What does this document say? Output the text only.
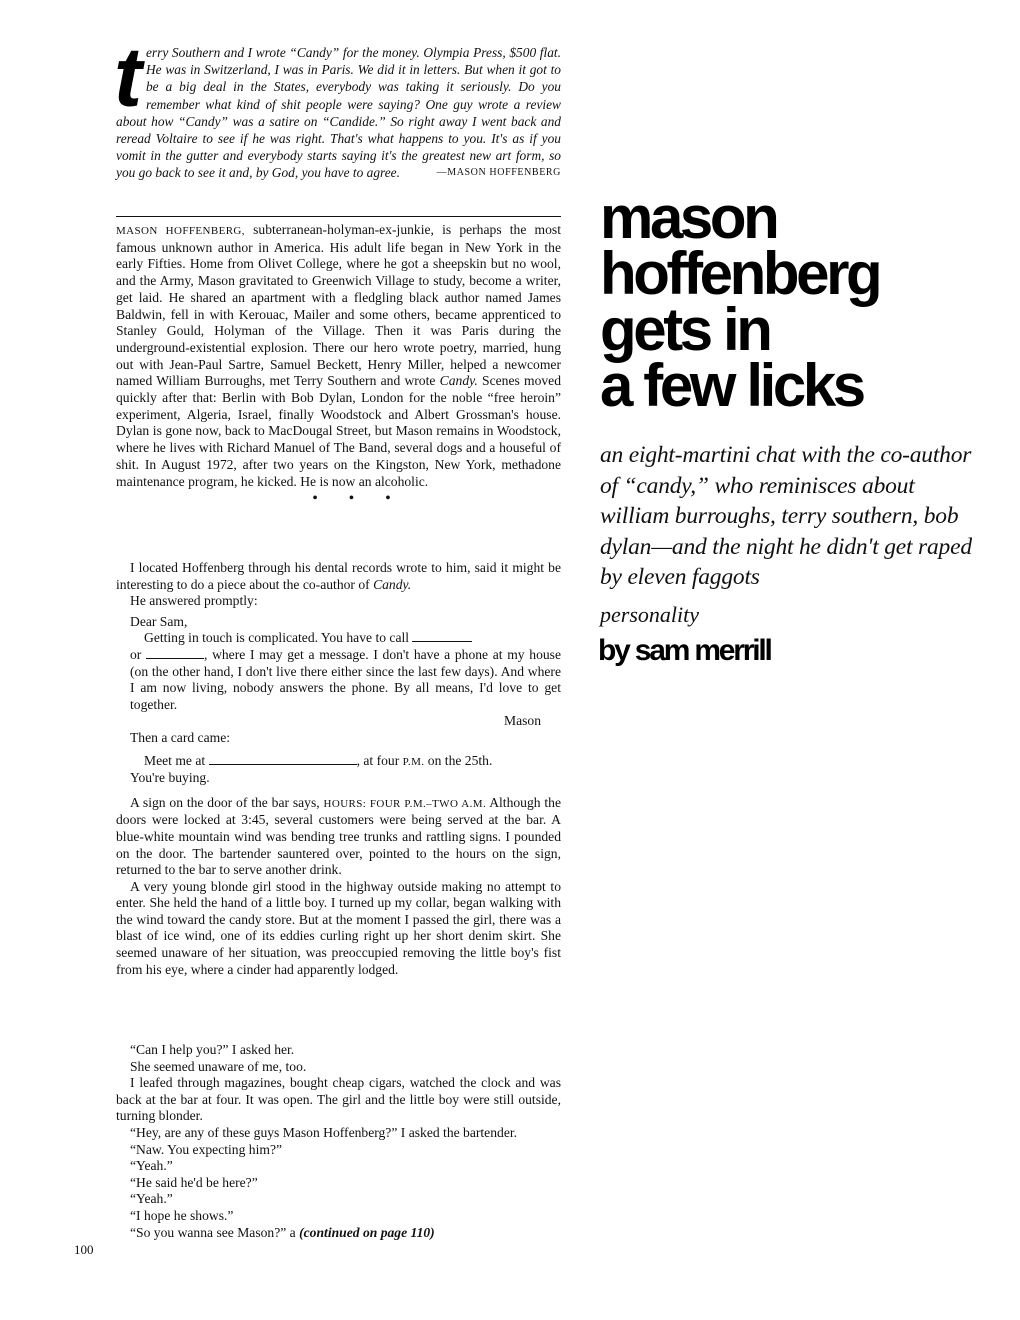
terry Southern and I wrote “Candy” for the money. Olympia Press, $500 flat. He was in Switzerland, I was in Paris. We did it in letters. But when it got to be a big deal in the States, everybody was taking it seriously. Do you remember what kind of shit people were saying? One guy wrote a review about how “Candy” was a satire on “Candide.” So right away I went back and reread Voltaire to see if he was right. That's what happens to you. It's as if you vomit in the gutter and everybody starts saying it's the greatest new art form, so you go back to see it and, by God, you have to agree.	—MASON HOFFENBERG
MASON HOFFENBERG, subterranean-holyman-ex-junkie, is perhaps the most famous unknown author in America. His adult life began in New York in the early Fifties. Home from Olivet College, where he got a sheepskin but no wool, and the Army, Mason gravitated to Greenwich Village to study, become a writer, get laid. He shared an apartment with a fledgling black author named James Baldwin, fell in with Kerouac, Mailer and some others, became apprenticed to Stanley Gould, Holyman of the Village. Then it was Paris during the underground-existential explosion. There our hero wrote poetry, married, hung out with Jean-Paul Sartre, Samuel Beckett, Henry Miller, helped a newcomer named William Burroughs, met Terry Southern and wrote Candy. Scenes moved quickly after that: Berlin with Bob Dylan, London for the noble “free heroin” experiment, Algeria, Israel, finally Woodstock and Albert Grossman's house. Dylan is gone now, back to MacDougal Street, but Mason remains in Woodstock, where he lives with Richard Manuel of The Band, several dogs and a houseful of shit. In August 1972, after two years on the Kingston, New York, methadone maintenance program, he kicked. He is now an alcoholic.
• • •

I located Hoffenberg through his dental records wrote to him, said it might be interesting to do a piece about the co-author of Candy.

He answered promptly:

Dear Sam,

Getting in touch is complicated. You have to call
or	, where I may get a message. I don't have a phone at my house (on the other hand, I don't live there either since the last few days). And where I am now living, nobody answers the phone. By all means, I'd love to get together.

Mason

Then a card came:

Meet me at	, at four P.M. on the 25th.
You're buying.

A sign on the door of the bar says, HOURS: FOUR P.M.–TWO A.M. Although the doors were locked at 3:45, several customers were being served at the bar. A blue-white mountain wind was bending tree trunks and rattling signs. I pounded on the door. The bartender sauntered over, pointed to the hours on the sign, returned to the bar to serve another drink.

A very young blonde girl stood in the highway outside making no attempt to enter. She held the hand of a little boy. I turned up my collar, began walking with the wind toward the candy store. But at the moment I passed the girl, there was a blast of ice wind, one of its eddies curling right up her short denim skirt. She seemed unaware of her situation, was preoccupied removing the little boy's fist from his eye, where a cinder had apparently lodged.

“Can I help you?” I asked her.

She seemed unaware of me, too.

I leafed through magazines, bought cheap cigars, watched the clock and was back at the bar at four. It was open. The girl and the little boy were still outside, turning blonder.

“Hey, are any of these guys Mason Hoffenberg?” I asked the bartender.

“Naw. You expecting him?”

“Yeah.”

“He said he'd be here?”

“Yeah.”

“I hope he shows.”

“So you wanna see Mason?” a (continued on page 110)

100
mason
hoffenberg
gets in
a few licks
an eight-martini chat with the co-author of “candy,” who reminisces about william burroughs, terry southern, bob dylan—and the night he didn't get raped by eleven faggots
personality
by sam merrill
